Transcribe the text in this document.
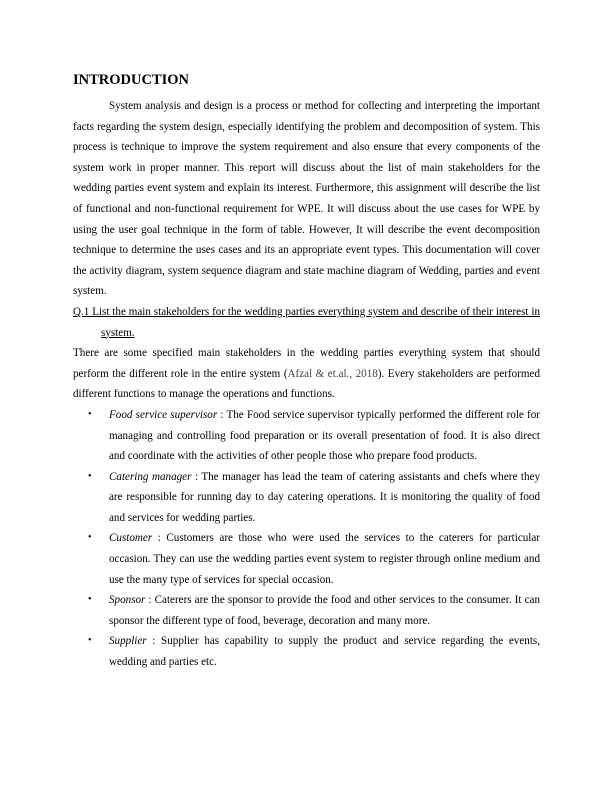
INTRODUCTION

System analysis and design is a process or method for collecting and interpreting the important facts regarding the system design, especially identifying the problem and decomposition of system. This process is technique to improve the system requirement and also ensure that every components of the system work in proper manner. This report will discuss about the list of main stakeholders for the wedding parties event system and explain its interest. Furthermore, this assignment will describe the list of functional and non-functional requirement for WPE. It will discuss about the use cases for WPE by using the user goal technique in the form of table. However, It will describe the event decomposition technique to determine the uses cases and its an appropriate event types. This documentation will cover the activity diagram, system sequence diagram and state machine diagram of Wedding, parties and event system.

Q.1 List the main stakeholders for the wedding parties everything system and describe of their interest in system.

There are some specified main stakeholders in the wedding parties everything system that should perform the different role in the entire system (Afzal & et.al., 2018). Every stakeholders are performed different functions to manage the operations and functions.

• Food service supervisor : The Food service supervisor typically performed the different role for managing and controlling food preparation or its overall presentation of food. It is also direct and coordinate with the activities of other people those who prepare food products.
• Catering manager : The manager has lead the team of catering assistants and chefs where they are responsible for running day to day catering operations. It is monitoring the quality of food and services for wedding parties.
• Customer : Customers are those who were used the services to the caterers for particular occasion. They can use the wedding parties event system to register through online medium and use the many type of services for special occasion.
• Sponsor : Caterers are the sponsor to provide the food and other services to the consumer. It can sponsor the different type of food, beverage, decoration and many more.
• Supplier : Supplier has capability to supply the product and service regarding the events, wedding and parties etc.
